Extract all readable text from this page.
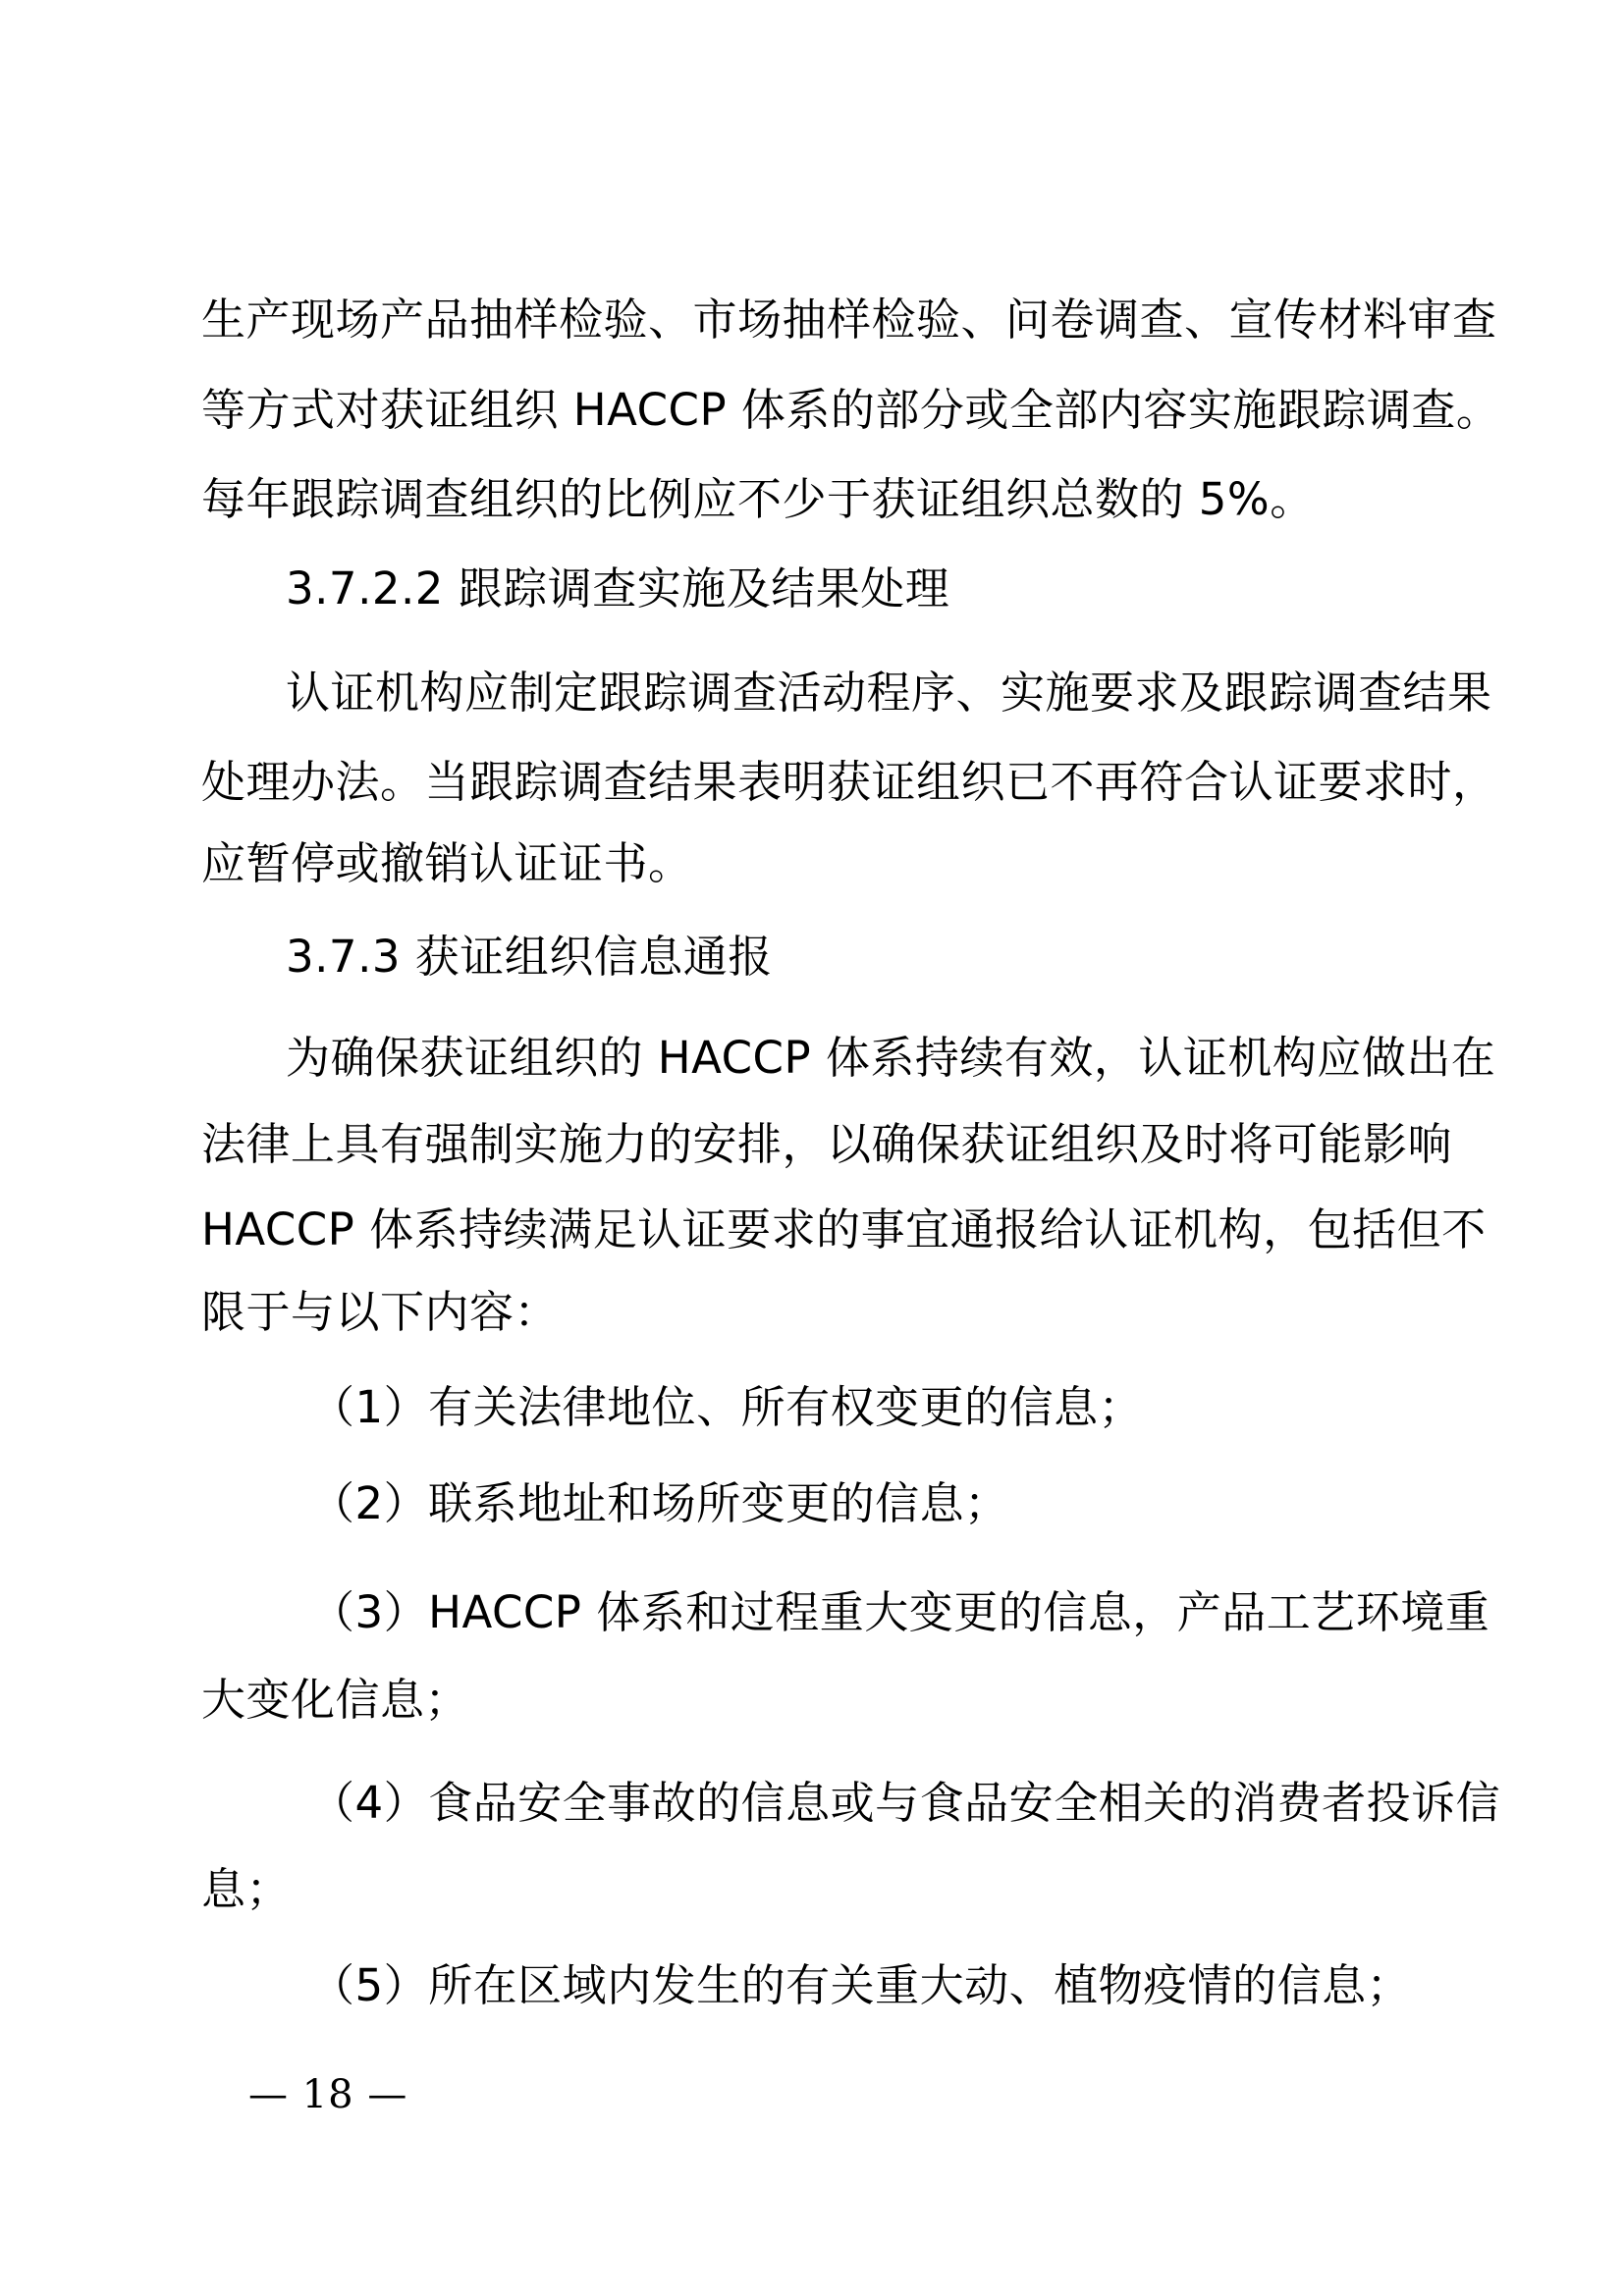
生产现场产品抽样检验、市场抽样检验、问卷调查、宣传材料审查
等方式对获证组织 HACCP 体系的部分或全部内容实施跟踪调查。
每年跟踪调查组织的比例应不少于获证组织总数的 5%。
3.7.2.2 跟踪调查实施及结果处理
认证机构应制定跟踪调查活动程序、实施要求及跟踪调查结果
处理办法。当跟踪调查结果表明获证组织已不再符合认证要求时，
应暂停或撤销认证证书。
3.7.3 获证组织信息通报
为确保获证组织的 HACCP 体系持续有效，认证机构应做出在
法律上具有强制实施力的安排，以确保获证组织及时将可能影响
HACCP 体系持续满足认证要求的事宜通报给认证机构，包括但不
限于与以下内容：
（1）有关法律地位、所有权变更的信息；
（2）联系地址和场所变更的信息；
（3）HACCP 体系和过程重大变更的信息，产品工艺环境重
大变化信息；
（4）食品安全事故的信息或与食品安全相关的消费者投诉信
息；
（5）所在区域内发生的有关重大动、植物疫情的信息；
— 18 —
